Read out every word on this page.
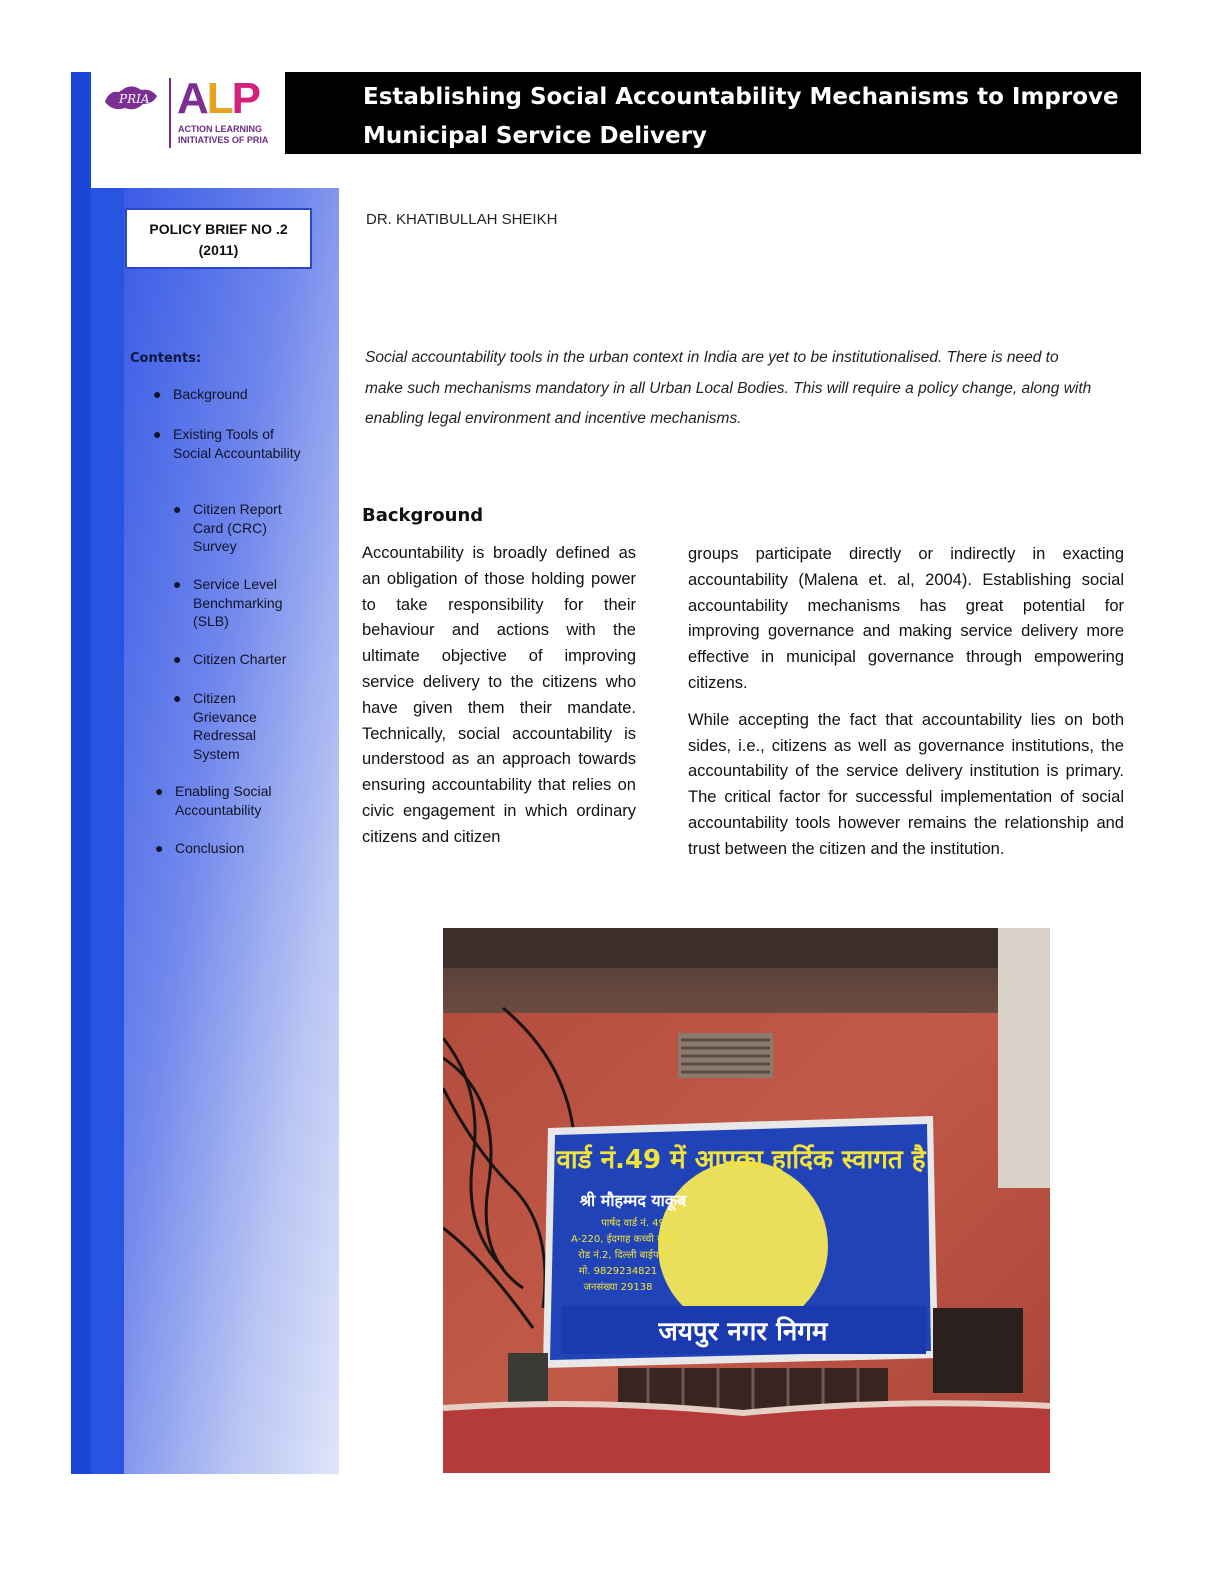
PRIA ALP
ACTION LEARNING
INITIATIVES OF PRIA
Establishing Social Accountability Mechanisms to Improve Municipal Service Delivery
POLICY BRIEF NO .2
(2011)
DR. KHATIBULLAH SHEIKH
Contents:
● Background
● Existing Tools of Social Accountability
● Citizen Report Card (CRC) Survey
● Service Level Benchmarking (SLB)
● Citizen Charter
● Citizen Grievance Redressal System
● Enabling Social Accountability
● Conclusion
Social accountability tools in the urban context in India are yet to be institutionalised. There is need to make such mechanisms mandatory in all Urban Local Bodies. This will require a policy change, along with enabling legal environment and incentive mechanisms.
Background

Accountability is broadly defined as an obligation of those holding power to take responsibility for their behaviour and actions with the ultimate objective of improving service delivery to the citizens who have given them their mandate. Technically, social accountability is understood as an approach towards ensuring accountability that relies on civic engagement in which ordinary citizens and citizen

groups participate directly or indirectly in exacting accountability (Malena et. al, 2004). Establishing social accountability mechanisms has great potential for improving governance and making service delivery more effective in municipal governance through empowering citizens.

While accepting the fact that accountability lies on both sides, i.e., citizens as well as governance institutions, the accountability of the service delivery institution is primary. The critical factor for successful implementation of social accountability tools however remains the relationship and trust between the citizen and the institution.

वार्ड नं.49 में आपका हार्दिक स्वागत है
श्री मौहम्मद याकूब
पार्षद वार्ड नं. 49
A-220, ईदगाह कच्ची बस्ती
रोड नं.2, दिल्ली बाईपास
मो. 9829234821
जनसंख्या 29138
जयपुर नगर निगम
